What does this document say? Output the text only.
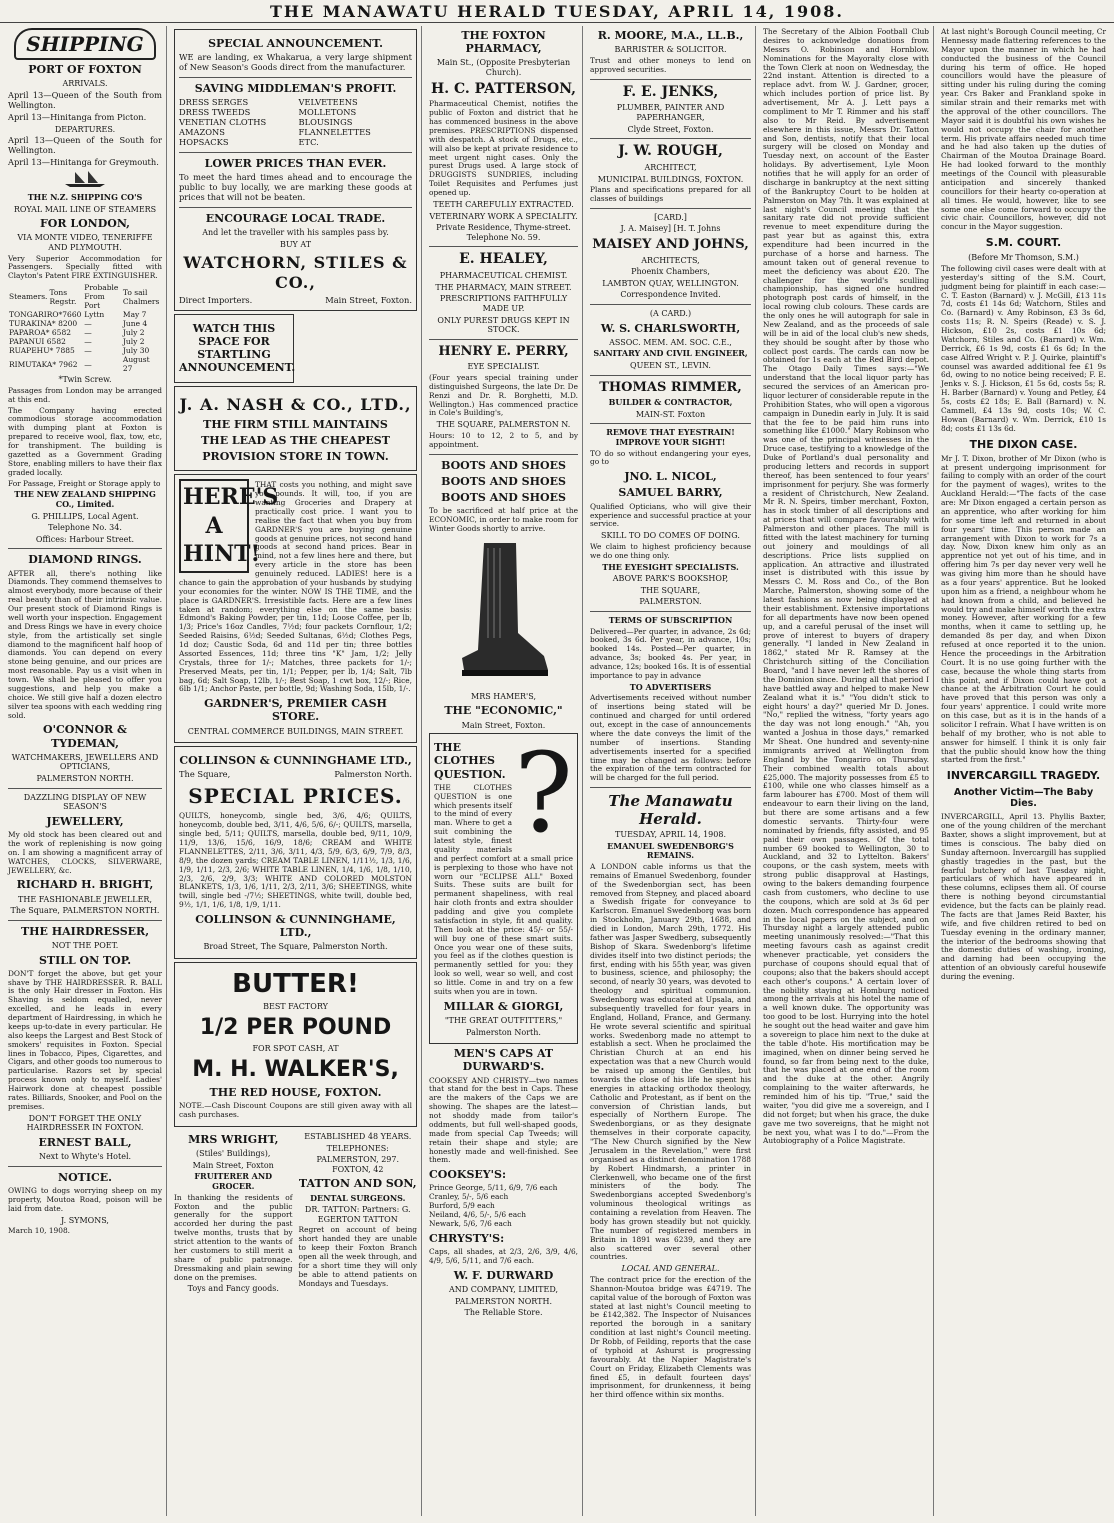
THE MANAWATU HERALD TUESDAY, APRIL 14, 1908.
SHIPPING
PORT OF FOXTON
ARRIVALS.
April 13—Queen of the South from Wellington.
April 13—Hinitanga from Picton.
DEPARTURES.
April 13—Queen of the South for Wellington.
April 13—Hinitanga for Greymouth.
THE N.Z. SHIPPING CO'S
ROYAL MAIL LINE OF STEAMERS
FOR LONDON,
VIA MONTE VIDEO, TENERIFFE AND PLYMOUTH.
Very Superior Accommodation for Passengers. Specially fitted with Clayton's Patent FIRE EXTINGUISHER.
Steamers.	Tons Regstr.	Probable From Port	To sail Chalmers
TONGARIRO*7660		Lyttn	May 7
TURAKINA* 8200		—	June 4
PAPAROA* 6582		—	July 2
PAPANUI 6582		—	July 2
RUAPEHU* 7885		—	July 30
RIMUTAKA* 7962		—	August 27
*Twin Screw.
Passages from London may be arranged at this end.
The Company having erected commodious storage accommodation with dumping plant at Foxton is prepared to receive wool, flax, tow, etc, for transhipment. The building is gazetted as a Government Grading Store, enabling millers to have their flax graded locally.
For Passage, Freight or Storage apply to
THE NEW ZEALAND SHIPPING CO., Limited.
G. PHILLIPS, Local Agent.
Telephone No. 34.
Offices: Harbour Street.
DIAMOND RINGS.
AFTER all, there's nothing like Diamonds. They commend themselves to almost everybody, more because of their real beauty than of their intrinsic value. Our present stock of Diamond Rings is well worth your inspection. Engagement and Dress Rings we have in every choice style, from the artistically set single diamond to the magnificent half hoop of diamonds. You can depend on every stone being genuine, and our prices are most reasonable. Pay us a visit when in town. We shall be pleased to offer you suggestions, and help you make a choice. We still give half a dozen electro silver tea spoons with each wedding ring sold.
O'CONNOR & TYDEMAN,
WATCHMAKERS, JEWELLERS AND OPTICIANS,
PALMERSTON NORTH.
DAZZLING DISPLAY OF NEW SEASON'S
JEWELLERY,
My old stock has been cleared out and the work of replenishing is now going on. I am showing a magnificent array of WATCHES, CLOCKS, SILVERWARE, JEWELLERY, &c.
RICHARD H. BRIGHT,
THE FASHIONABLE JEWELLER,
The Square, PALMERSTON NORTH.
THE HAIRDRESSER,
NOT THE POET.
STILL ON TOP.
DON'T forget the above, but get your shave by THE HAIRDRESSER. R. BALL is the only Hair dresser in Foxton. His Shaving is seldom equalled, never excelled, and he leads in every department of Hairdressing, in which he keeps up-to-date in every particular. He also keeps the Largest and Best Stock of smokers' requisites in Foxton. Special lines in Tobacco, Pipes, Cigarettes, and Cigars, and other goods too numerous to particularise. Razors set by special process known only to myself. Ladies' Hairwork done at cheapest possible rates. Billiards, Snooker, and Pool on the premises.
DON'T FORGET THE ONLY HAIRDRESSER IN FOXTON.
ERNEST BALL,
Next to Whyte's Hotel.
NOTICE.
OWING to dogs worrying sheep on my property, Moutoa Road, poison will be laid from date.
J. SYMONS,
March 10, 1908.
SPECIAL ANNOUNCEMENT.
WE are landing, ex Whakarua, a very large shipment of New Season's Goods direct from the manufacturer.
SAVING MIDDLEMAN'S PROFIT.
DRESS SERGES
DRESS TWEEDS
VENETIAN CLOTHS
AMAZONS
HOPSACKS
VELVETEENS
MOLLETONS
BLOUSINGS
FLANNELETTES
ETC.
LOWER PRICES THAN EVER.
To meet the hard times ahead and to encourage the public to buy locally, we are marking these goods at prices that will not be beaten.
ENCOURAGE LOCAL TRADE.
And let the traveller with his samples pass by.
BUY AT
WATCHORN, STILES & CO.,
Direct Importers.	Main Street, Foxton.
WATCH THIS SPACE FOR STARTLING ANNOUNCEMENT.
J. A. NASH & CO., LTD.,
THE FIRM STILL MAINTAINS
THE LEAD AS THE CHEAPEST
PROVISION STORE IN TOWN.
HERE'S A HINT!
THAT costs you nothing, and might save you pounds. It will, too, if you are wanting Groceries and Drapery at practically cost price. I want you to realise the fact that when you buy from GARDNER'S you are buying genuine goods at genuine prices, not second hand goods at second hand prices. Bear in mind, not a few lines here and there, but every article in the store has been genuinely reduced. LADIES! here is a chance to gain the approbation of your husbands by studying your economies for the winter. NOW IS THE TIME, and the place is GARDNER'S. Irresistible facts. Here are a few lines taken at random; everything else on the same basis: Edmond's Baking Powder, per tin, 11d; Loose Coffee, per lb, 1/3; Price's 16oz Candles, 7½d; four packets Cornflour, 1/2; Seeded Raisins, 6½d; Seeded Sultanas, 6½d; Clothes Pegs, 1d doz; Caustic Soda, 6d and 11d per tin; three bottles Assorted Essences, 11d; three tins "K" Jam, 1/2; Jelly Crystals, three for 1/-; Matches, three packets for 1/-; Preserved Meats, per tin, 1/1; Pepper, per lb, 1/4; Salt, 7lb bag, 6d; Salt Soap, 12lb, 1/-; Best Soap, 1 cwt box, 12/-; Rice, 6lb 1/1; Anchor Paste, per bottle, 9d; Washing Soda, 15lb, 1/-.
GARDNER'S, PREMIER CASH STORE.
CENTRAL COMMERCE BUILDINGS, MAIN STREET.
COLLINSON & CUNNINGHAME LTD.,
The Square,	Palmerston North.
SPECIAL PRICES.
QUILTS, honeycomb, single bed, 3/6, 4/6; QUILTS, honeycomb, double bed, 3/11, 4/6, 5/6, 6/-; QUILTS, marsella, single bed, 5/11; QUILTS, marsella, double bed, 9/11, 10/9, 11/9, 13/6, 15/6, 16/9, 18/6; CREAM and WHITE FLANNELETTES, 2/11, 3/6, 3/11, 4/3, 5/9, 6/3, 6/9, 7/9, 8/3, 8/9, the dozen yards; CREAM TABLE LINEN, 1/11½, 1/3, 1/6, 1/9, 1/11, 2/3, 2/6; WHITE TABLE LINEN, 1/4, 1/6, 1/8, 1/10, 2/3, 2/6, 2/9, 3/3; WHITE AND COLORED MOLSTON BLANKETS, 1/3, 1/6, 1/11, 2/3, 2/11, 3/6; SHEETINGS, white twill, single bed -/7½; SHEETINGS, white twill, double bed, 9½, 1/1, 1/6, 1/8, 1/9, 1/11.
COLLINSON & CUNNINGHAME, LTD.,
Broad Street, The Square, Palmerston North.
BUTTER!
BEST FACTORY
1/2 PER POUND
FOR SPOT CASH, AT
M. H. WALKER'S,
THE RED HOUSE, FOXTON.
NOTE.—Cash Discount Coupons are still given away with all cash purchases.
MRS WRIGHT,
(Stiles' Buildings),
Main Street, Foxton
FRUITERER AND GROCER.
In thanking the residents of Foxton and the public generally for the support accorded her during the past twelve months, trusts that by strict attention to the wants of her customers to still merit a share of public patronage. Dressmaking and plain sewing done on the premises.
Toys and Fancy goods.
ESTABLISHED 48 YEARS.
TELEPHONES:
PALMERSTON, 297. FOXTON, 42
TATTON AND SON,
DENTAL SURGEONS.
DR. TATTON: Partners: G. EGERTON TATTON
Regret on account of being short handed they are unable to keep their Foxton Branch open all the week through, and for a short time they will only be able to attend patients on Mondays and Tuesdays.
THE FOXTON PHARMACY,
Main St., (Opposite Presbyterian Church).
H. C. PATTERSON,
Pharmaceutical Chemist, notifies the public of Foxton and district that he has commenced business in the above premises. PRESCRIPTIONS dispensed with despatch. A stock of Drugs, etc., will also be kept at private residence to meet urgent night cases. Only the purest Drugs used. A large stock of DRUGGISTS SUNDRIES, including Toilet Requisites and Perfumes just opened up.
TEETH CAREFULLY EXTRACTED.
VETERINARY WORK A SPECIALITY.
Private Residence, Thyme-street. Telephone No. 59.
E. HEALEY,
PHARMACEUTICAL CHEMIST.
THE PHARMACY, MAIN STREET.
PRESCRIPTIONS FAITHFULLY MADE UP.
ONLY PUREST DRUGS KEPT IN STOCK.
HENRY E. PERRY,
EYE SPECIALIST.
(Four years special training under distinguished Surgeons, the late Dr. De Renzi and Dr. R. Borghetti, M.D. Wellington.) Has commenced practice in Cole's Building's,
THE SQUARE, PALMERSTON N.
Hours: 10 to 12, 2 to 5, and by appointment.
BOOTS AND SHOES
BOOTS AND SHOES
BOOTS AND SHOES
To be sacrificed at half price at the ECONOMIC, in order to make room for Winter Goods shortly to arrive.
MRS HAMER'S,
THE "ECONOMIC,"
Main Street, Foxton.
?
THE CLOTHES QUESTION.
THE CLOTHES QUESTION is one which presents itself to the mind of every man. Where to get a suit combining the latest style, finest quality materials and perfect comfort at a small price is perplexing to those who have not worn our "ECLIPSE ALL" Boxed Suits. These suits are built for permanent shapeliness, with real hair cloth fronts and extra shoulder padding and give you complete satisfaction in style, fit and quality. Then look at the price: 45/- or 55/- will buy one of these smart suits. Once you wear one of these suits, you feel as if the clothes question is permanently settled for you: they look so well, wear so well, and cost so little. Come in and try on a few suits when you are in town.
MILLAR & GIORGI,
"THE GREAT OUTFITTERS,"
Palmerston North.
MEN'S CAPS AT DURWARD'S.
COOKSEY AND CHRISTY—two names that stand for the best in Caps. These are the makers of the Caps we are showing. The shapes are the latest—not shoddy made from tailor's oddments, but full well-shaped goods, made from special Cap Tweeds; will retain their shape and style; are honestly made and well-finished. See them.
COOKSEY'S:
Prince George, 5/11, 6/9, 7/6 each
Cranley, 5/-, 5/6 each
Burford, 5/9 each
Neiland, 4/6, 5/-, 5/6 each
Newark, 5/6, 7/6 each
CHRYSTY'S:
Caps, all shades, at 2/3, 2/6, 3/9, 4/6, 4/9, 5/6, 5/11, and 7/6 each.
W. F. DURWARD
AND COMPANY, LIMITED,
PALMERSTON NORTH.
The Reliable Store.
R. MOORE, M.A., LL.B.,
BARRISTER & SOLICITOR.
Trust and other moneys to lend on approved securities.
F. E. JENKS,
PLUMBER, PAINTER AND PAPERHANGER,
Clyde Street, Foxton.
J. W. ROUGH,
ARCHITECT,
MUNICIPAL BUILDINGS, FOXTON.
Plans and specifications prepared for all classes of buildings
[CARD.]
J. A. Maisey] [H. T. Johns
MAISEY AND JOHNS,
ARCHITECTS,
Phoenix Chambers,
LAMBTON QUAY, WELLINGTON.
Correspondence Invited.
(A CARD.)
W. S. CHARLSWORTH,
ASSOC. MEM. AM. SOC. C.E.,
SANITARY AND CIVIL ENGINEER,
QUEEN ST., LEVIN.
THOMAS RIMMER,
BUILDER & CONTRACTOR,
MAIN-ST. Foxton
REMOVE THAT EYESTRAIN! IMPROVE YOUR SIGHT!
TO do so without endangering your eyes, go to
JNO. L. NICOL,
SAMUEL BARRY,
Qualified Opticians, who will give their experience and successful practice at your service.
SKILL TO DO COMES OF DOING.
We claim to highest proficiency because we do one thing only.
THE EYESIGHT SPECIALISTS.
ABOVE PARK'S BOOKSHOP,
THE SQUARE,
PALMERSTON.
TERMS OF SUBSCRIPTION
Delivered—Per quarter, in advance, 2s 6d; booked, 3s 6d. Per year, in advance, 10s; booked 14s. Posted—Per quarter, in advance, 3s; booked 4s. Per year, in advance, 12s; booked 16s. It is of essential importance to pay in advance
TO ADVERTISERS
Advertisements received without number of insertions being stated will be continued and charged for until ordered out, except in the case of announcements where the date conveys the limit of the number of insertions. Standing advertisements inserted for a specified time may be changed as follows: before the expiration of the term contracted for will be charged for the full period.
The Manawatu Herald.
TUESDAY, APRIL 14, 1908.
EMANUEL SWEDENBORG'S REMAINS.
A LONDON cable informs us that the remains of Emanuel Swedenborg, founder of the Swedenborgian sect, has been removed from Stepney, and placed aboard a Swedish frigate for conveyance to Karlscron. Emanuel Swedenborg was born in Stockholm, January 29th, 1688, and died in London, March 29th, 1772. His father was Jasper Swedberg, subsequently Bishop of Skara. Swedenborg's lifetime divides itself into two distinct periods; the first, ending with his 55th year, was given to business, science, and philosophy; the second, of nearly 30 years, was devoted to theology and spiritual communion. Swedenborg was educated at Upsala, and subsequently travelled for four years in England, Holland, France, and Germany. He wrote several scientific and spiritual works. Swedenborg made no attempt to establish a sect. When he proclaimed the Christian Church at an end his expectation was that a new Church would be raised up among the Gentiles, but towards the close of his life he spent his energies in attacking orthodox theology, Catholic and Protestant, as if bent on the conversion of Christian lands, but especially of Northern Europe. The Swedenborgians, or as they designate themselves in their corporate capacity, "The New Church signified by the New Jerusalem in the Revelation," were first organised as a distinct denomination 1788 by Robert Hindmarsh, a printer in Clerkenwell, who became one of the first ministers of the body. The Swedenborgians accepted Swedenborg's voluminous theological writings as containing a revelation from Heaven. The body has grown steadily but not quickly. The number of registered members in Britain in 1891 was 6239, and they are also scattered over several other countries.
LOCAL AND GENERAL.
The contract price for the erection of the Shannon-Moutoa bridge was £4719. The capital value of the borough of Foxton was stated at last night's Council meeting to be £142,382. The Inspector of Nuisances reported the borough in a sanitary condition at last night's Council meeting. Dr Robb, of Feilding, reports that the case of typhoid at Ashurst is progressing favourably. At the Napier Magistrate's Court on Friday, Elizabeth Clements was fined £5, in default fourteen days' imprisonment, for drunkenness, it being her third offence within six months.
The Secretary of the Albion Football Club desires to acknowledge donations from Messrs O. Robinson and Hornblow. Nominations for the Mayoralty close with the Town Clerk at noon on Wednesday, the 22nd instant. Attention is directed to a replace advt. from W. J. Gardner, grocer, which includes portion of price list. By advertisement, Mr A. J. Lett pays a compliment to Mr T. Rimmer and his staff also to Mr Reid. By advertisement elsewhere in this issue, Messrs Dr. Tatton and Son, dentists, notify that their local surgery will be closed on Monday and Tuesday next, on account of the Easter holidays. By advertisement, Lyle Moon notifies that he will apply for an order of discharge in bankruptcy at the next sitting of the Bankruptcy Court to be holden at Palmerston on May 7th. It was explained at last night's Council meeting that the sanitary rate did not provide sufficient revenue to meet expenditure during the past year but as against this, extra expenditure had been incurred in the purchase of a horse and harness. The amount taken out of general revenue to meet the deficiency was about £20. The challenger for the world's sculling championship, has signed one hundred photograph post cards of himself, in the local rowing club colours. These cards are the only ones he will autograph for sale in New Zealand, and as the proceeds of sale will be in aid of the local club's new sheds, they should be sought after by those who collect post cards. The cards can now be obtained for 1s each at the Red Bird depot. The Otago Daily Times says:—"We understand that the local liquor party has secured the services of an American pro-liquor lecturer of considerable repute in the Prohibition States, who will open a vigorous campaign in Dunedin early in July. It is said that the fee to be paid him runs into something like £1000." Mary Robinson who was one of the principal witnesses in the Druce case, testifying to a knowledge of the Duke of Portland's dual personality and producing letters and records in support thereof, has been sentenced to four years' imprisonment for perjury. She was formerly a resident of Christchurch, New Zealand. Mr R. N. Speirs, timber merchant, Foxton, has in stock timber of all descriptions and at prices that will compare favourably with Palmerston and other places. The mill is fitted with the latest machinery for turning out joinery and mouldings of all descriptions. Price lists supplied on application. An attractive and illustrated inset is distributed with this issue by Messrs C. M. Ross and Co., of the Bon Marche, Palmerston, showing some of the latest fashions as now being displayed at their establishment. Extensive importations for all departments have now been opened up, and a careful perusal of the inset will prove of interest to buyers of drapery generally. "I landed in New Zealand in 1862," stated Mr R. Ramsey at the Christchurch sitting of the Conciliation Board, "and I have never left the shores of the Dominion since. During all that period I have battled away and helped to make New Zealand what it is." "You didn't stick to eight hours' a day?" queried Mr D. Jones. "No," replied the witness, "forty years ago the day was not long enough." "Ah, you wanted a Joshua in those days," remarked Mr Sheat. One hundred and seventy-nine immigrants arrived at Wellington from England by the Tongariro on Thursday. Their combined wealth totals about £25,000. The majority possesses from £5 to £100, while one who classes himself as a farm labourer has £700. Most of them will endeavour to earn their living on the land, but there are some artisans and a few domestic servants. Thirty-four were nominated by friends, fifty assisted, and 95 paid their own passages. Of the total number 69 booked to Wellington, 30 to Auckland, and 32 to Lyttelton. Bakers' coupons, or the cash system, meets with strong public disapproval at Hastings, owing to the bakers demanding fourpence cash from customers, who decline to use the coupons, which are sold at 3s 6d per dozen. Much correspondence has appeared in the local papers on the subject, and on Thursday night a largely attended public meeting unanimously resolved:—"That this meeting favours cash as against credit whenever practicable, yet considers the purchase of coupons should equal that of coupons; also that the bakers should accept each other's coupons." A certain lover of the nobility staying at Homburg noticed among the arrivals at his hotel the name of a well known duke. The opportunity was too good to be lost. Hurrying into the hotel he sought out the head waiter and gave him a sovereign to place him next to the duke at the table d'hote. His mortification may be imagined, when on dinner being served he found, so far from being next to the duke, that he was placed at one end of the room and the duke at the other. Angrily complaining to the waiter afterwards, he reminded him of his tip. "True," said the waiter, "you did give me a sovereign, and I did not forget; but when his grace, the duke gave me two sovereigns, that he might not be next you, what was I to do."—From the Autobiography of a Police Magistrate.
At last night's Borough Council meeting, Cr Hennessy made flattering references to the Mayor upon the manner in which he had conducted the business of the Council during his term of office. He hoped councillors would have the pleasure of sitting under his ruling during the coming year. Crs Baker and Frankland spoke in similar strain and their remarks met with the approval of the other councillors. The Mayor said it is doubtful his own wishes he would not occupy the chair for another term. His private affairs needed much time and he had also taken up the duties of Chairman of the Moutoa Drainage Board. He had looked forward to the monthly meetings of the Council with pleasurable anticipation and sincerely thanked councillors for their hearty co-operation at all times. He would, however, like to see some one else come forward to occupy the civic chair. Councillors, however, did not concur in the Mayor suggestion.
S.M. COURT.
(Before Mr Thomson, S.M.)
The following civil cases were dealt with at yesterday's sitting of the S.M. Court, judgment being for plaintiff in each case:—C. T. Easton (Barnard) v. J. McGill, £13 11s 7d, costs £1 14s 6d; Watchorn, Stiles and Co. (Barnard) v. Amy Robinson, £3 3s 6d, costs 11s; R. N. Speirs (Reade) v. S. J. Hickson, £10 2s, costs £1 10s 6d; Watchorn, Stiles and Co. (Barnard) v. Wm. Derrick, £6 1s 9d, costs £1 6s 6d; In the case Alfred Wright v. P. J. Quirke, plaintiff's counsel was awarded additional fee £1 9s 6d, owing to no notice being received; F. E. Jenks v. S. J. Hickson, £1 5s 6d, costs 5s; R. H. Barber (Barnard) v. Young and Petley, £4 5s, costs £2 18s; E. Ball (Barnard) v. N. Cammell, £4 13s 9d, costs 10s; W. C. Howan (Barnard) v. Wm. Derrick, £10 1s 8d; costs £1 13s 6d.
THE DIXON CASE.
Mr J. T. Dixon, brother of Mr Dixon (who is at present undergoing imprisonment for failing to comply with an order of the court for the payment of wages), writes to the Auckland Herald:—"The facts of the case are: Mr Dixon engaged a certain person as an apprentice, who after working for him for some time left and returned in about four years' time. This person made an arrangement with Dixon to work for 7s a day. Now, Dixon knew him only as an apprentice not yet out of his time, and in offering him 7s per day never very well he was giving him more than he should have as a four years' apprentice. But he looked upon him as a friend, a neighbour whom he had known from a child, and believed he would try and make himself worth the extra money. However, after working for a few months, when it came to settling up, he demanded 8s per day, and when Dixon refused at once reported it to the union. Hence the proceedings in the Arbitration Court. It is no use going further with the case, because the whole thing starts from this point, and if Dixon could have got a chance at the Arbitration Court he could have proved that this person was only a four years' apprentice. I could write more on this case, but as it is in the hands of a solicitor I refrain. What I have written is on behalf of my brother, who is not able to answer for himself. I think it is only fair that the public should know how the thing started from the first."
INVERCARGILL TRAGEDY.
Another Victim—The Baby Dies.
INVERCARGILL, April 13. Phyllis Baxter, one of the young children of the merchant Baxter, shows a slight improvement, but at times is conscious. The baby died on Sunday afternoon. Invercargill has supplied ghastly tragedies in the past, but the fearful butchery of last Tuesday night, particulars of which have appeared in these columns, eclipses them all. Of course there is nothing beyond circumstantial evidence, but the facts can be plainly read. The facts are that James Reid Baxter, his wife, and five children retired to bed on Tuesday evening in the ordinary manner, the interior of the bedrooms showing that the domestic duties of washing, ironing, and darning had been occupying the attention of an obviously careful housewife during the evening.
